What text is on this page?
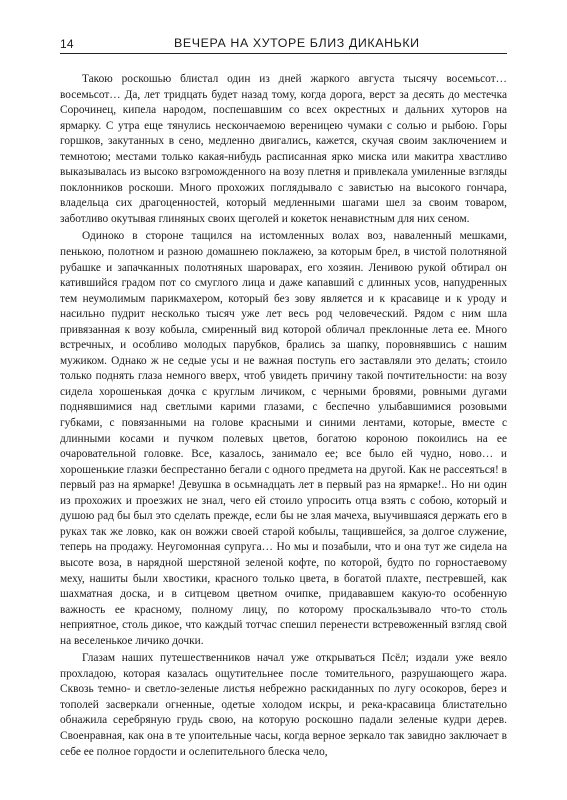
14	ВЕЧЕРА НА ХУТОРЕ БЛИЗ ДИКАНЬКИ

Такою роскошью блистал один из дней жаркого августа тысячу восемьсот… восемьсот… Да, лет тридцать будет назад тому, когда дорога, верст за десять до местечка Сорочинец, кипела народом, поспешавшим со всех окрестных и дальних хуторов на ярмарку. С утра еще тянулись нескончаемою вереницею чумаки с солью и рыбою. Горы горшков, закутанных в сено, медленно двигались, кажется, скучая своим заключением и темнотою; местами только какая-нибудь расписанная ярко миска или макитра хвастливо выказывалась из высоко взгроможденного на возу плетня и привлекала умиленные взгляды поклонников роскоши. Много прохожих поглядывало с завистью на высокого гончара, владельца сих драгоценностей, который медленными шагами шел за своим товаром, заботливо окутывая глиняных своих щеголей и кокеток ненавистным для них сеном.

Одиноко в стороне тащился на истомленных волах воз, наваленный мешками, пенькою, полотном и разною домашнею поклажею, за которым брел, в чистой полотняной рубашке и запачканных полотняных шароварах, его хозяин. Ленивою рукой обтирал он катившийся градом пот со смуглого лица и даже капавший с длинных усов, напудренных тем неумолимым парикмахером, который без зову является и к красавице и к уроду и насильно пудрит несколько тысяч уже лет весь род человеческий. Рядом с ним шла привязанная к возу кобыла, смиренный вид которой обличал преклонные лета ее. Много встречных, и особливо молодых парубков, брались за шапку, поровнявшись с нашим мужиком. Однако ж не седые усы и не важная поступь его заставляли это делать; стоило только поднять глаза немного вверх, чтоб увидеть причину такой почтительности: на возу сидела хорошенькая дочка с круглым личиком, с черными бровями, ровными дугами поднявшимися над светлыми карими глазами, с беспечно улыбавшимися розовыми губками, с повязанными на голове красными и синими лентами, которые, вместе с длинными косами и пучком полевых цветов, богатою короною покоились на ее очаровательной головке. Все, казалось, занимало ее; все было ей чудно, ново… и хорошенькие глазки беспрестанно бегали с одного предмета на другой. Как не рассеяться! в первый раз на ярмарке! Девушка в осьмнадцать лет в первый раз на ярмарке!.. Но ни один из прохожих и проезжих не знал, чего ей стоило упросить отца взять с собою, который и душою рад бы был это сделать прежде, если бы не злая мачеха, выучившаяся держать его в руках так же ловко, как он вожжи своей старой кобылы, тащившейся, за долгое служение, теперь на продажу. Неугомонная супруга… Но мы и позабыли, что и она тут же сидела на высоте воза, в нарядной шерстяной зеленой кофте, по которой, будто по горностаевому меху, нашиты были хвостики, красного только цвета, в богатой плахте, пестревшей, как шахматная доска, и в ситцевом цветном очипке, придававшем какую-то особенную важность ее красному, полному лицу, по которому проскальзывало что-то столь неприятное, столь дикое, что каждый тотчас спешил перенести встревоженный взгляд свой на веселенькое личико дочки.

Глазам наших путешественников начал уже открываться Псёл; издали уже веяло прохладою, которая казалась ощутительнее после томительного, разрушающего жара. Сквозь темно- и светло-зеленые листья небрежно раскиданных по лугу осокоров, берез и тополей засверкали огненные, одетые холодом искры, и река-красавица блистательно обнажила серебряную грудь свою, на которую роскошно падали зеленые кудри дерев. Своенравная, как она в те упоительные часы, когда верное зеркало так завидно заключает в себе ее полное гордости и ослепительного блеска чело,
